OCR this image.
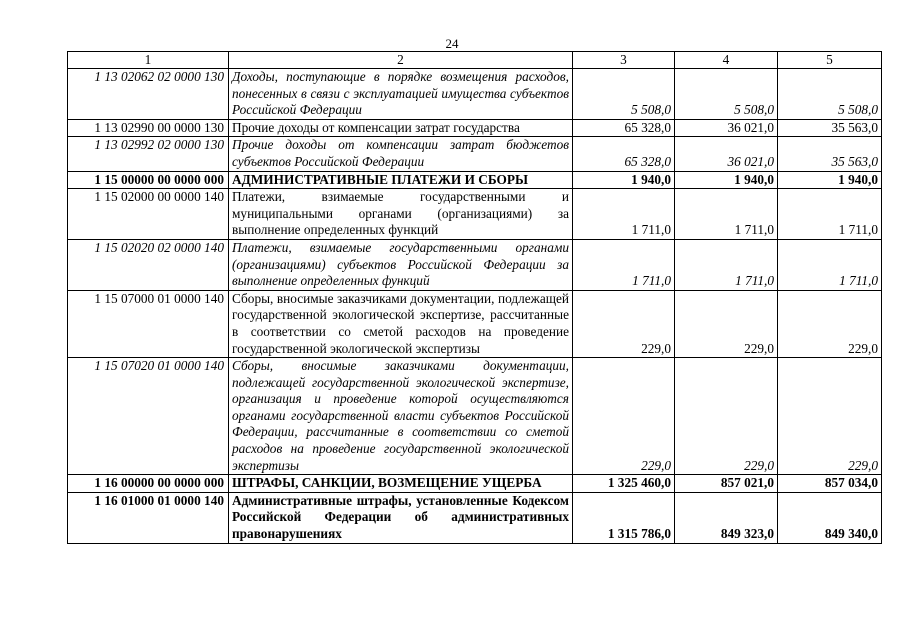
24
1	2	3	4	5
1 13 02062 02 0000 130	Доходы, поступающие в порядке возмещения расходов, понесенных в связи с эксплуатацией имущества субъектов Российской Федерации	5 508,0	5 508,0	5 508,0
1 13 02990 00 0000 130	Прочие доходы от компенсации затрат государства	65 328,0	36 021,0	35 563,0
1 13 02992 02 0000 130	Прочие доходы от компенсации затрат бюджетов субъектов Российской Федерации	65 328,0	36 021,0	35 563,0
1 15 00000 00 0000 000	АДМИНИСТРАТИВНЫЕ ПЛАТЕЖИ И СБОРЫ	1 940,0	1 940,0	1 940,0
1 15 02000 00 0000 140	Платежи, взимаемые государственными и муниципальными органами (организациями) за выполнение определенных функций	1 711,0	1 711,0	1 711,0
1 15 02020 02 0000 140	Платежи, взимаемые государственными органами (организациями) субъектов Российской Федерации за выполнение определенных функций	1 711,0	1 711,0	1 711,0
1 15 07000 01 0000 140	Сборы, вносимые заказчиками документации, подлежащей государственной экологической экспертизе, рассчитанные в соответствии со сметой расходов на проведение государственной экологической экспертизы	229,0	229,0	229,0
1 15 07020 01 0000 140	Сборы, вносимые заказчиками документации, подлежащей государственной экологической экспертизе, организация и проведение которой осуществляются органами государственной власти субъектов Российской Федерации, рассчитанные в соответствии со сметой расходов на проведение государственной экологической экспертизы	229,0	229,0	229,0
1 16 00000 00 0000 000	ШТРАФЫ, САНКЦИИ, ВОЗМЕЩЕНИЕ УЩЕРБА	1 325 460,0	857 021,0	857 034,0
1 16 01000 01 0000 140	Административные штрафы, установленные Кодексом Российской Федерации об административных правонарушениях	1 315 786,0	849 323,0	849 340,0
